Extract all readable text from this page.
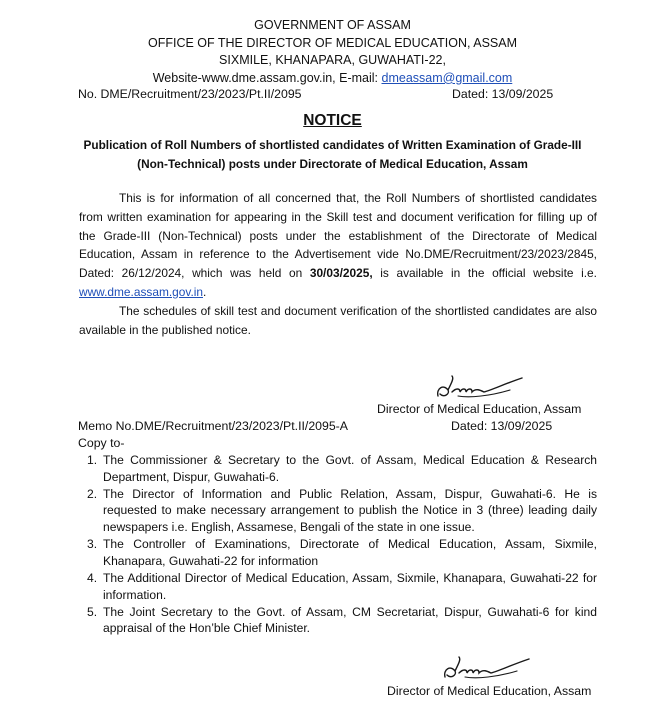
GOVERNMENT OF ASSAM
OFFICE OF THE DIRECTOR OF MEDICAL EDUCATION, ASSAM
SIXMILE, KHANAPARA, GUWAHATI-22,
Website-www.dme.assam.gov.in, E-mail: dmeassam@gmail.com
No. DME/Recruitment/23/2023/Pt.II/2095	Dated: 13/09/2025
NOTICE
Publication of Roll Numbers of shortlisted candidates of Written Examination of Grade-III (Non-Technical) posts under Directorate of Medical Education, Assam
This is for information of all concerned that, the Roll Numbers of shortlisted candidates from written examination for appearing in the Skill test and document verification for filling up of the Grade-III (Non-Technical) posts under the establishment of the Directorate of Medical Education, Assam in reference to the Advertisement vide No.DME/Recruitment/23/2023/2845, Dated: 26/12/2024, which was held on 30/03/2025, is available in the official website i.e. www.dme.assam.gov.in.
The schedules of skill test and document verification of the shortlisted candidates are also available in the published notice.
Director of Medical Education, Assam
Memo No.DME/Recruitment/23/2023/Pt.II/2095-A	Dated: 13/09/2025
Copy to-
1. The Commissioner & Secretary to the Govt. of Assam, Medical Education & Research Department, Dispur, Guwahati-6.
2. The Director of Information and Public Relation, Assam, Dispur, Guwahati-6. He is requested to make necessary arrangement to publish the Notice in 3 (three) leading daily newspapers i.e. English, Assamese, Bengali of the state in one issue.
3. The Controller of Examinations, Directorate of Medical Education, Assam, Sixmile, Khanapara, Guwahati-22 for information
4. The Additional Director of Medical Education, Assam, Sixmile, Khanapara, Guwahati-22 for information.
5. The Joint Secretary to the Govt. of Assam, CM Secretariat, Dispur, Guwahati-6 for kind appraisal of the Hon’ble Chief Minister.
Director of Medical Education, Assam
